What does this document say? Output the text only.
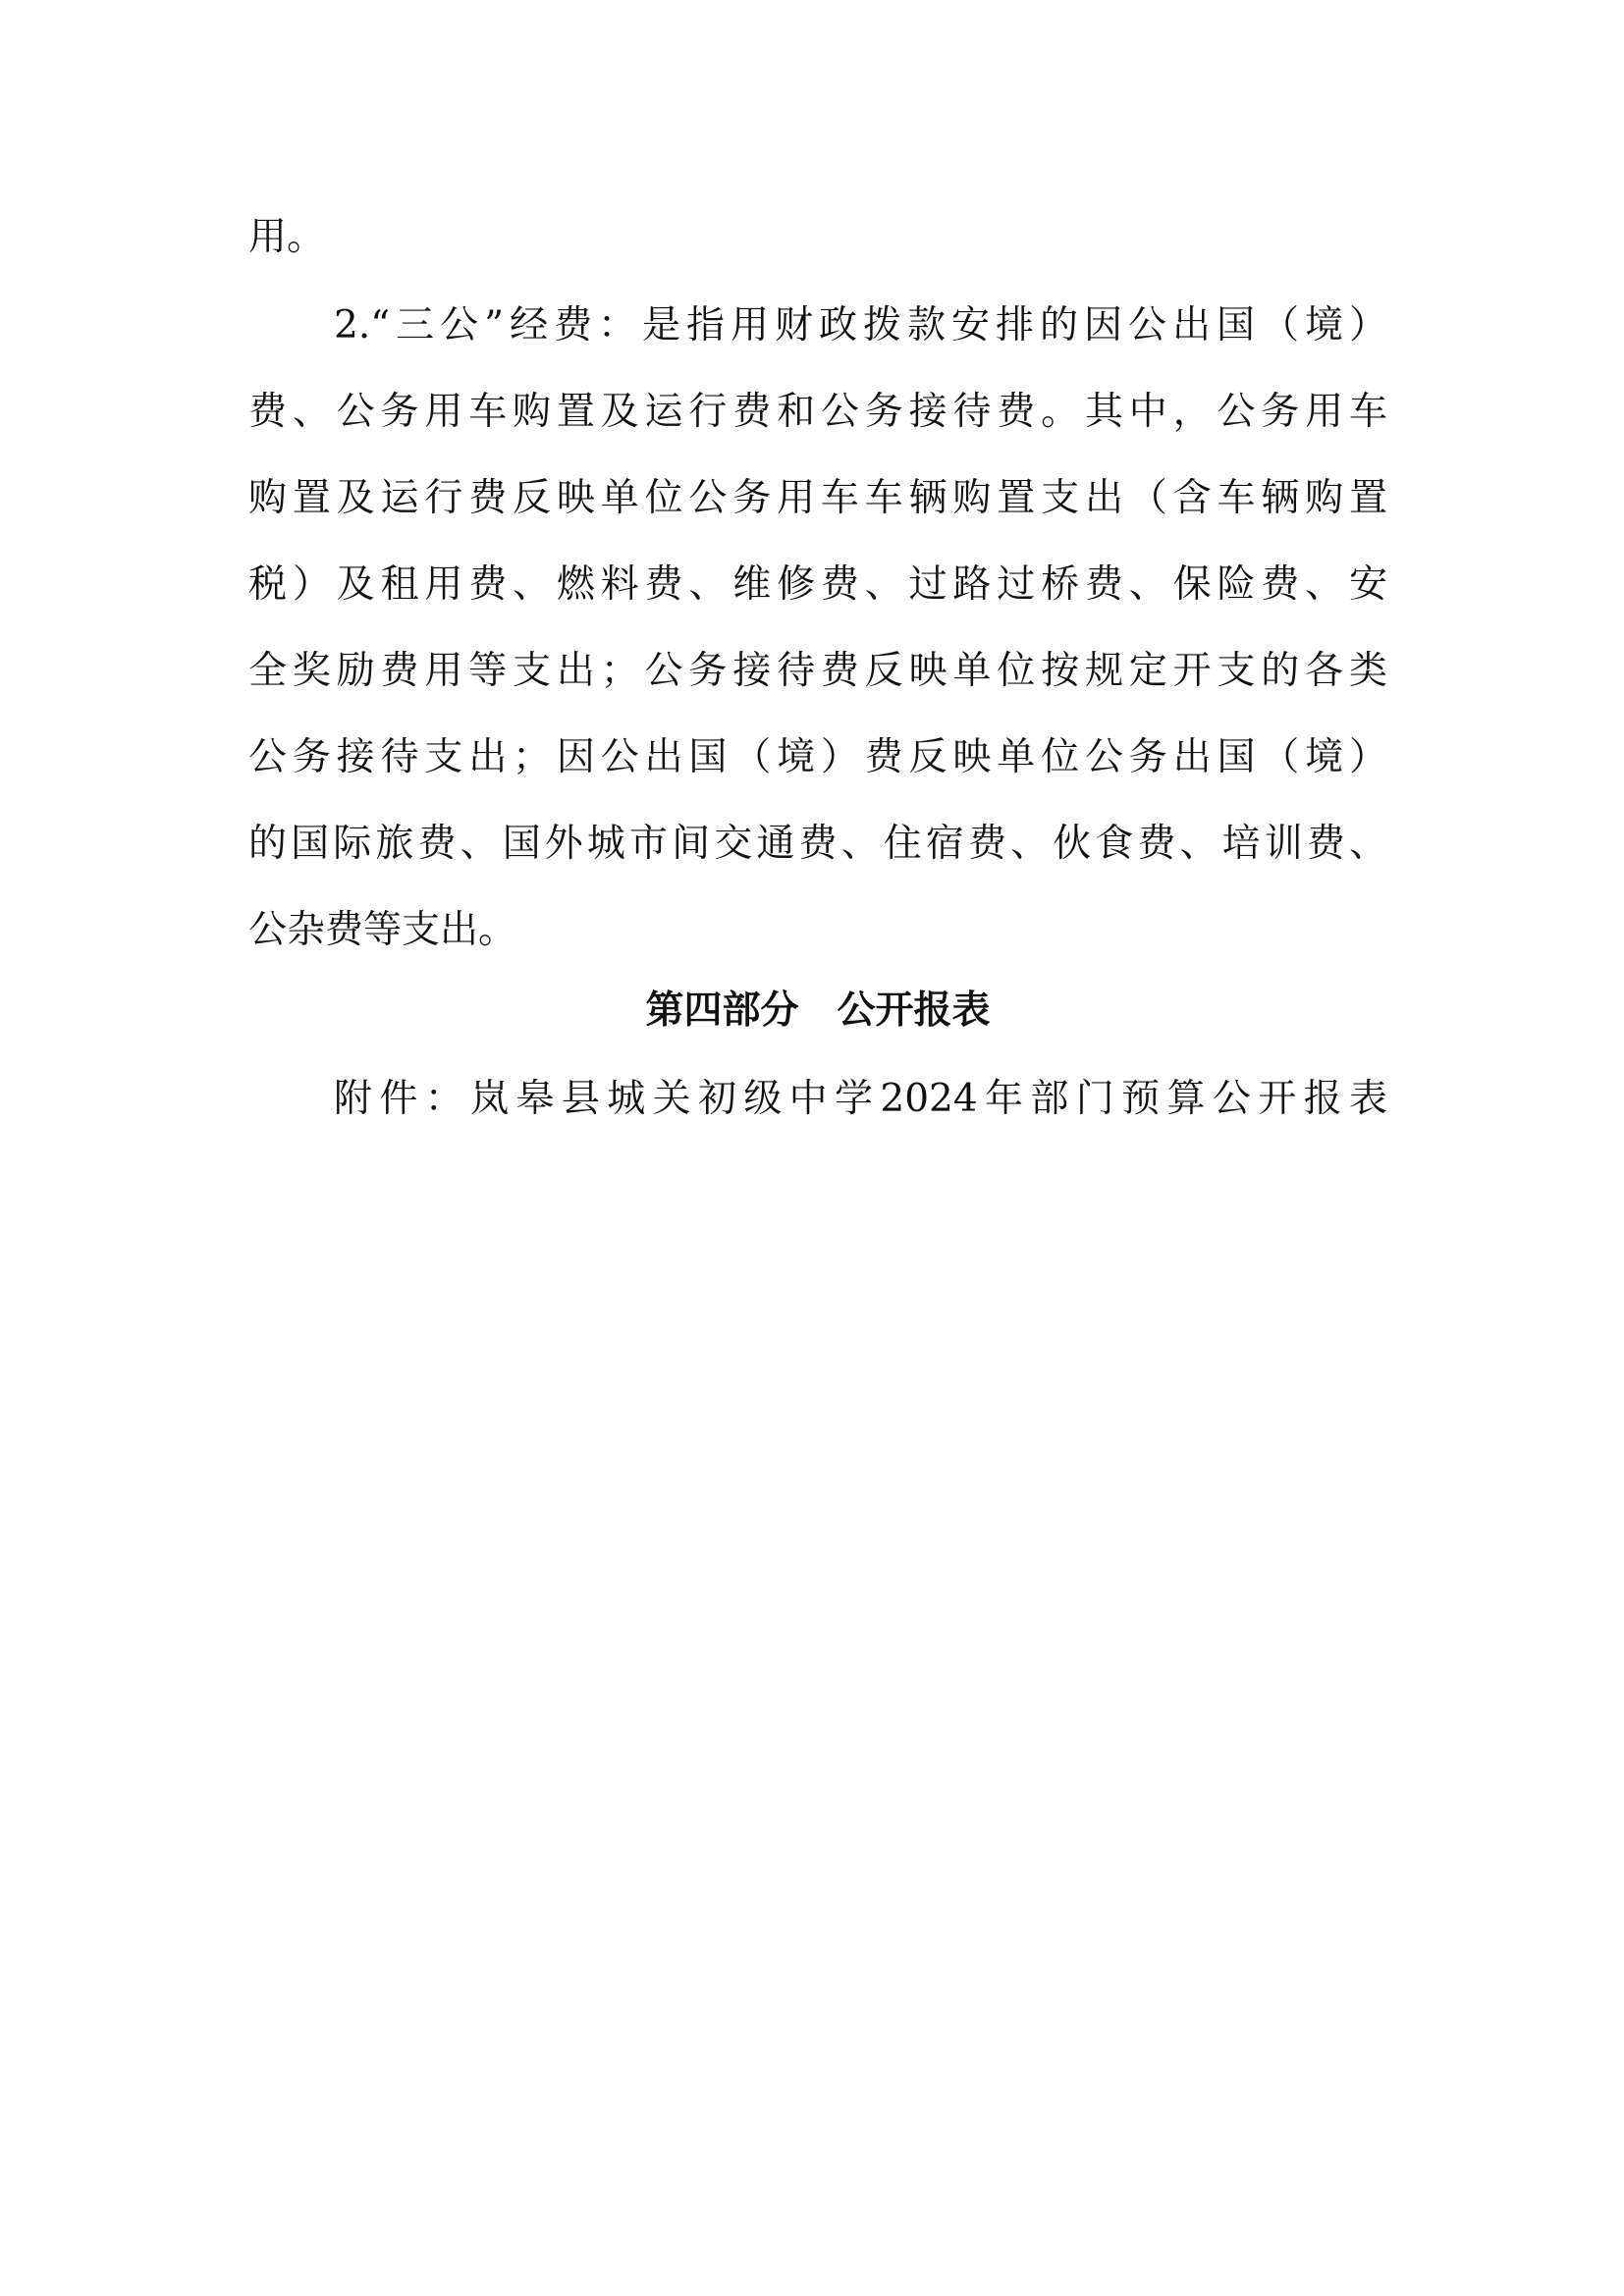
用。
2.“三公”经费：是指用财政拨款安排的因公出国（境）
费、公务用车购置及运行费和公务接待费。其中，公务用车
购置及运行费反映单位公务用车车辆购置支出（含车辆购置
税）及租用费、燃料费、维修费、过路过桥费、保险费、安
全奖励费用等支出；公务接待费反映单位按规定开支的各类
公务接待支出；因公出国（境）费反映单位公务出国（境）
的国际旅费、国外城市间交通费、住宿费、伙食费、培训费、
公杂费等支出。
第四部分　公开报表
附件：岚皋县城关初级中学2024年部门预算公开报表
